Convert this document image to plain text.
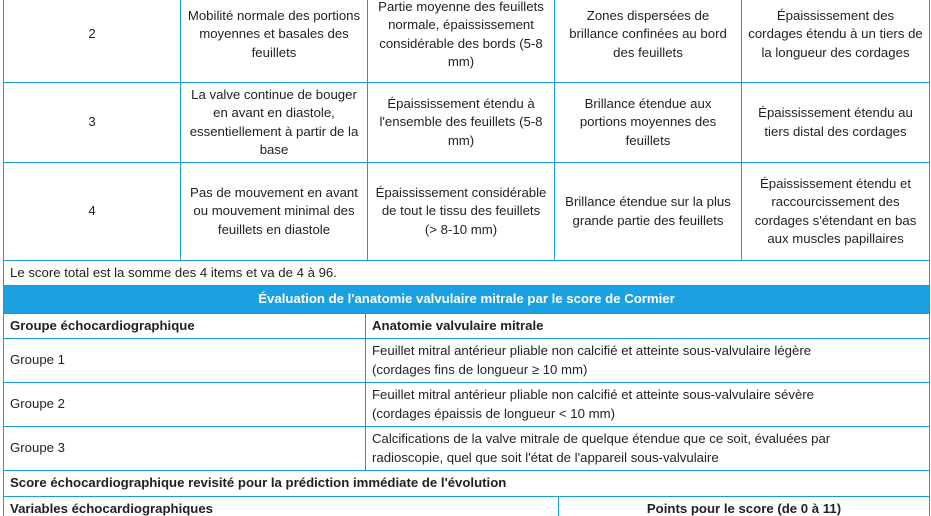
2	Mobilité normale des portions moyennes et basales des feuillets	Partie moyenne des feuillets normale, épaississement considérable des bords (5-8 mm)	Zones dispersées de brillance confinées au bord des feuillets	Épaississement des cordages étendu à un tiers de la longueur des cordages
3	La valve continue de bouger en avant en diastole, essentiellement à partir de la base	Épaississement étendu à l'ensemble des feuillets (5-8 mm)	Brillance étendue aux portions moyennes des feuillets	Épaississement étendu au tiers distal des cordages
4	Pas de mouvement en avant ou mouvement minimal des feuillets en diastole	Épaississement considérable de tout le tissu des feuillets (> 8-10 mm)	Brillance étendue sur la plus grande partie des feuillets	Épaississement étendu et raccourcissement des cordages s'étendant en bas aux muscles papillaires
Le score total est la somme des 4 items et va de 4 à 96.				
Évaluation de l'anatomie valvulaire mitrale par le score de Cormier	
Groupe échocardiographique	Anatomie valvulaire mitrale
Groupe 1	Feuillet mitral antérieur pliable non calcifié et atteinte sous-valvulaire légère
(cordages fins de longueur ≥ 10 mm)
Groupe 2	Feuillet mitral antérieur pliable non calcifié et atteinte sous-valvulaire sévère
(cordages épaissis de longueur < 10 mm)
Groupe 3	Calcifications de la valve mitrale de quelque étendue que ce soit, évaluées par
radioscopie, quel que soit l'état de l'appareil sous-valvulaire
Score échocardiographique revisité pour la prédiction immédiate de l'évolution
Variables échocardiographiques	Points pour le score (de 0 à 11)
